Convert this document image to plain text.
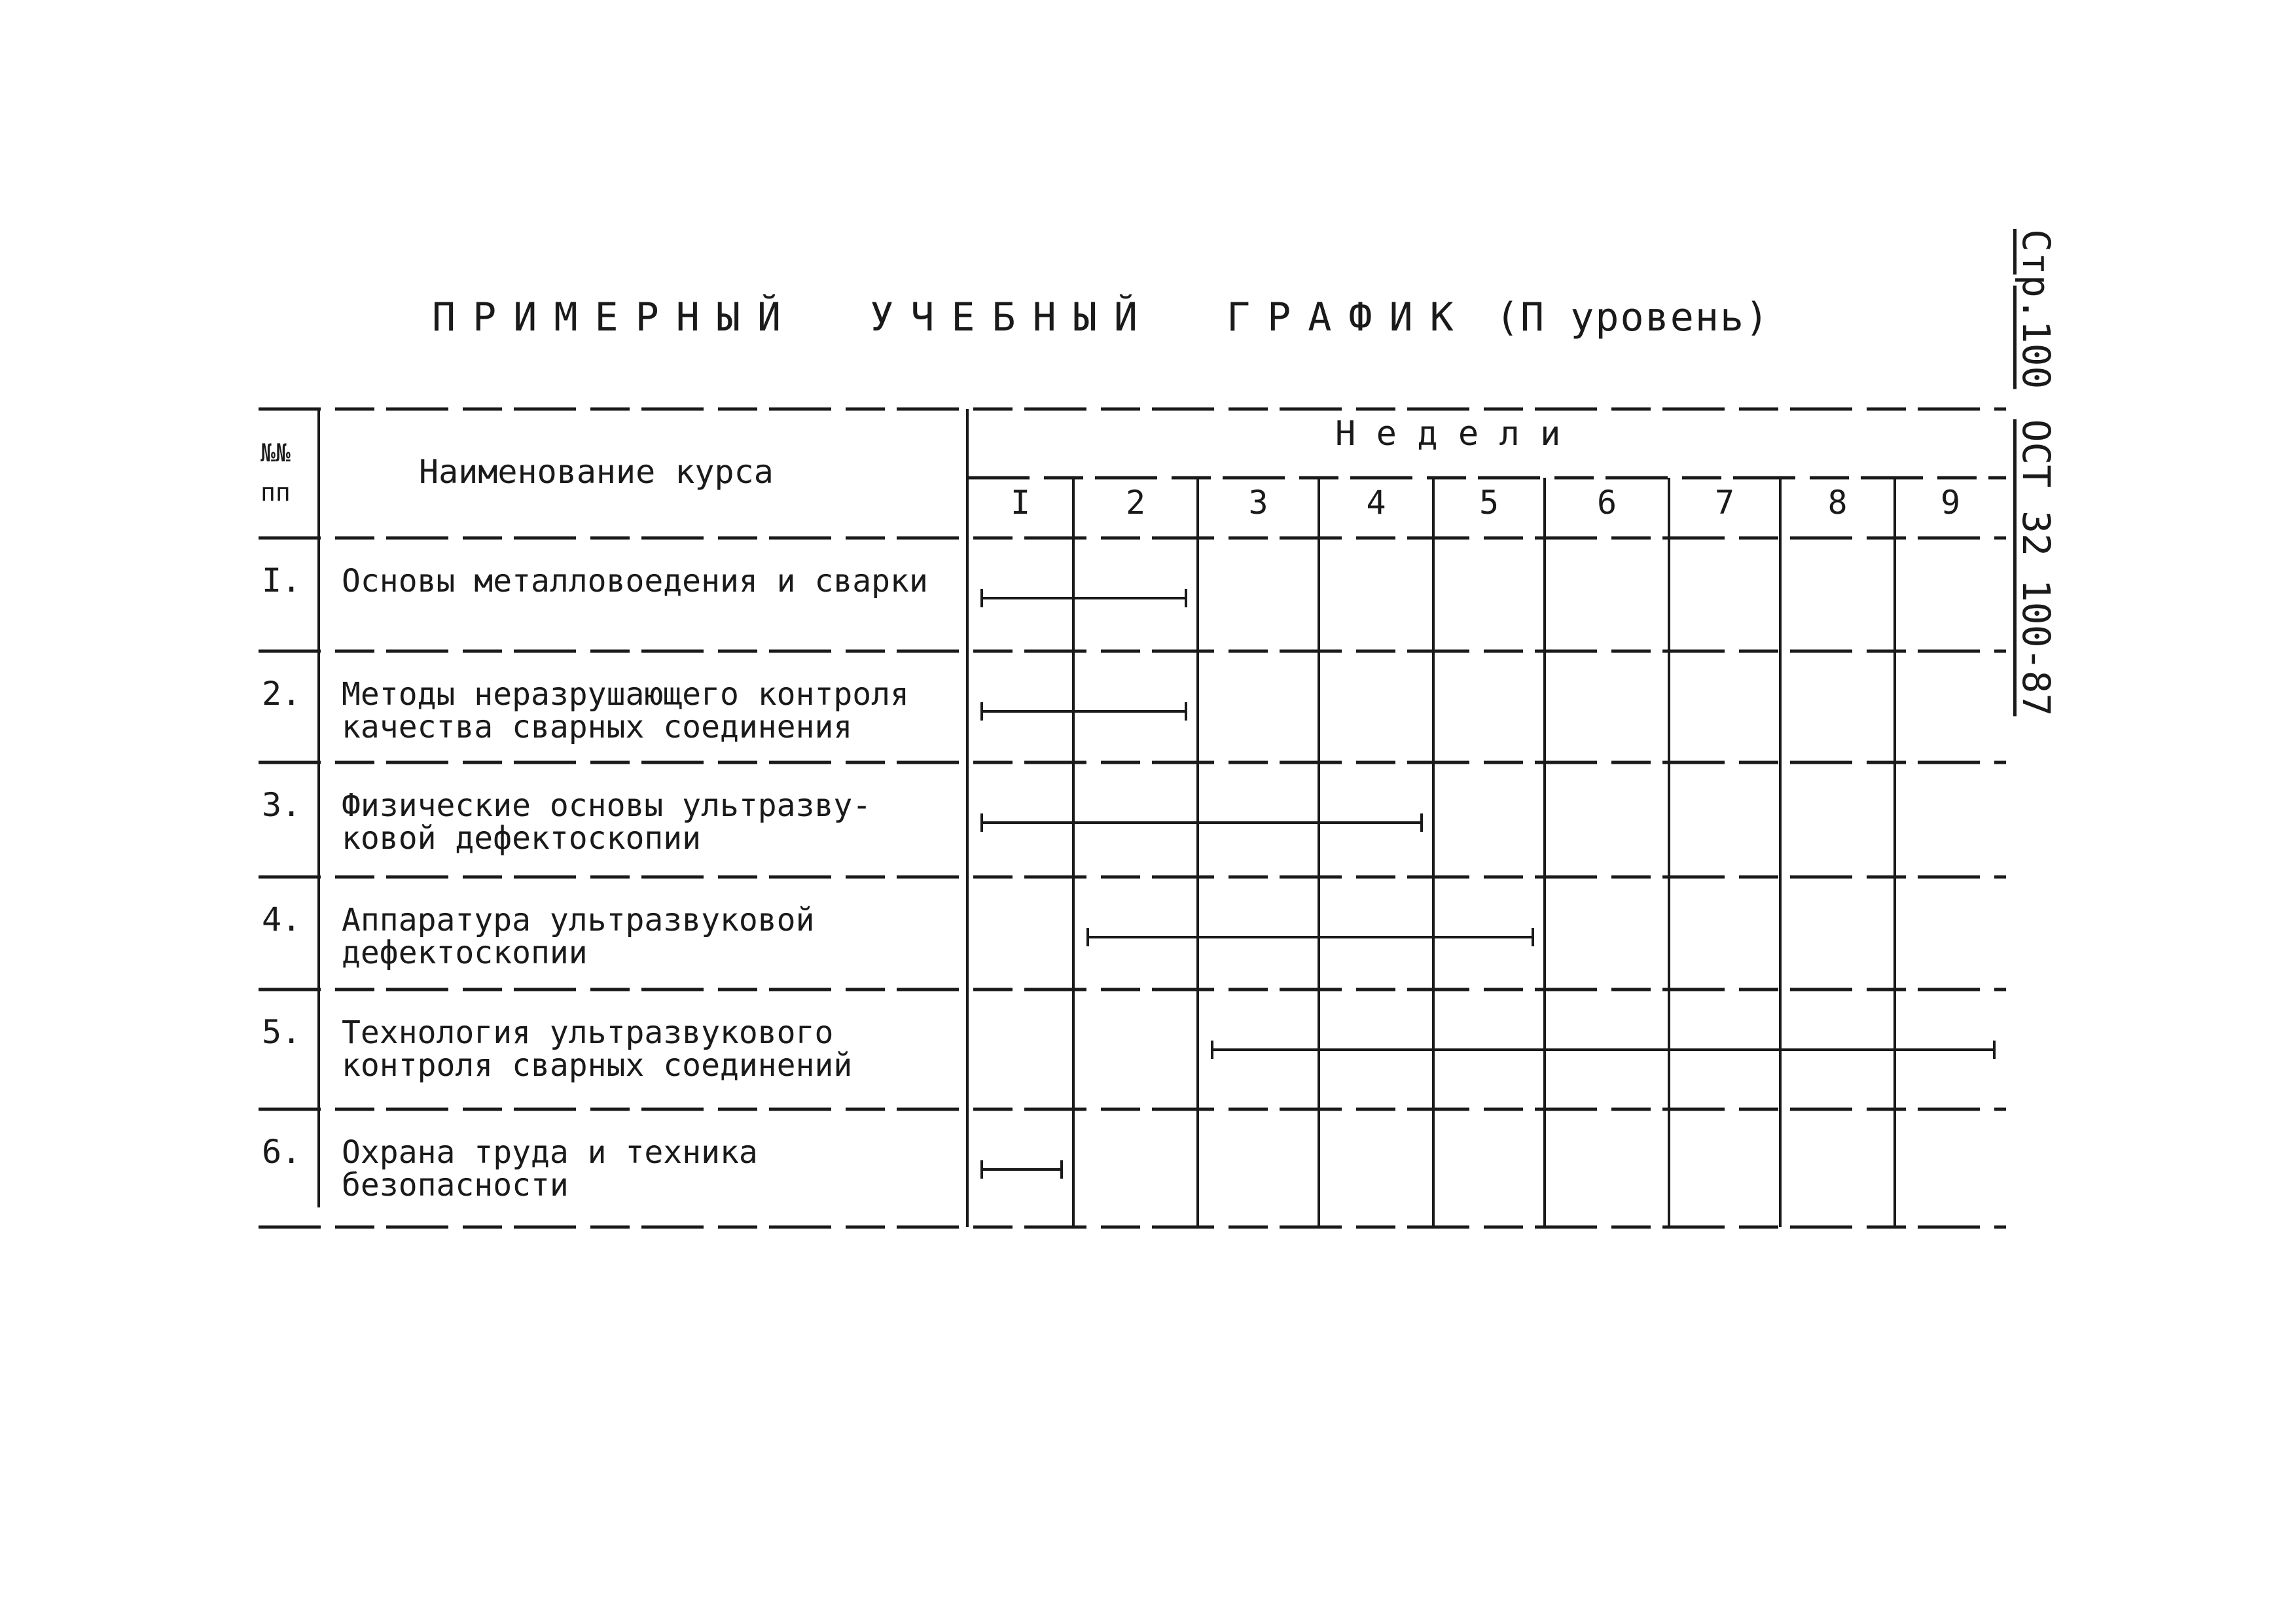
ПРИМЕРНЫЙ УЧЕБНЫЙ ГРАФИК (П уровень)	Стр.100ОСТ 32 100-87
№№ пп
Наименование курса
Н е д е л и
I	2	3	4	5	6	7	8	9
I. Основы металловоедения и сварки
2. Методы неразрушающего контроля
качества сварных соединения
3. Физические основы ультразву-
ковой дефектоскопии
4. Аппаратура ультразвуковой
дефектоскопии
5. Технология ультразвукового
контроля сварных соединений
6. Охрана труда и техника
безопасности
